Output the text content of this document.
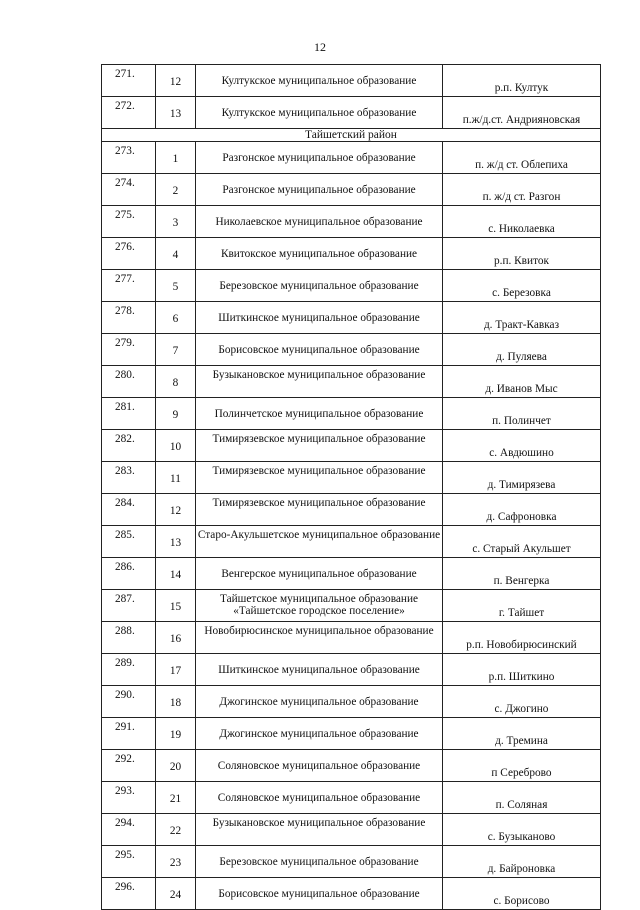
12
271.	12	Култукское муниципальное образование	р.п. Култук
272.	13	Култукское муниципальное образование	п.ж/д.ст. Андрияновская
Тайшетский район			
273.	1	Разгонское муниципальное образование	п. ж/д ст. Облепиха
274.	2	Разгонское муниципальное образование	п. ж/д ст. Разгон
275.	3	Николаевское муниципальное образование	с. Николаевка
276.	4	Квитокское муниципальное образование	р.п. Квиток
277.	5	Березовское муниципальное образование	с. Березовка
278.	6	Шиткинское муниципальное образование	д. Тракт-Кавказ
279.	7	Борисовское муниципальное образование	д. Пуляева
280.	8	Бузыкановское муниципальное образование	д. Иванов Мыс
281.	9	Полинчетское муниципальное образование	п. Полинчет
282.	10	Тимирязевское муниципальное образование	с. Авдюшино
283.	11	Тимирязевское муниципальное образование	д. Тимирязева
284.	12	Тимирязевское муниципальное образование	д. Сафроновка
285.	13	Старо-Акульшетское муниципальное образование	с. Старый Акульшет
286.	14	Венгерское муниципальное образование	п. Венгерка
287.	15	Тайшетское муниципальное образование «Тайшетское городское поселение»	г. Тайшет
288.	16	Новобирюсинское муниципальное образование	р.п. Новобирюсинский
289.	17	Шиткинское муниципальное образование	р.п. Шиткино
290.	18	Джогинское муниципальное образование	с. Джогино
291.	19	Джогинское муниципальное образование	д. Тремина
292.	20	Соляновское муниципальное образование	п Сереброво
293.	21	Соляновское муниципальное образование	п. Соляная
294.	22	Бузыкановское муниципальное образование	с. Бузыканово
295.	23	Березовское муниципальное образование	д. Байроновка
296.	24	Борисовское муниципальное образование	с. Борисово
